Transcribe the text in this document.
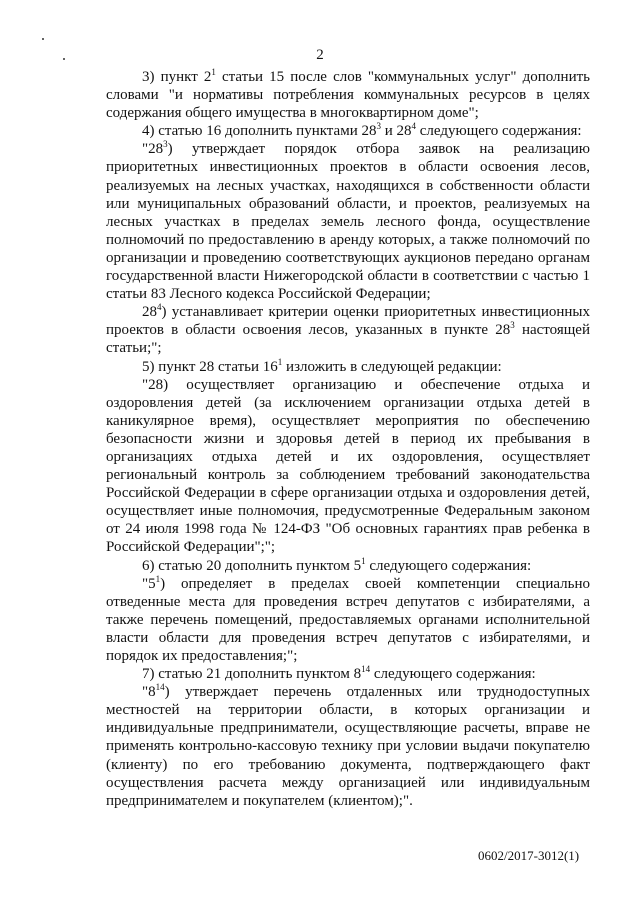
2

3) пункт $2^1$ статьи 15 после слов "коммунальных услуг" дополнить словами "и нормативы потребления коммунальных ресурсов в целях содержания общего имущества в многоквартирном доме";

4) статью 16 дополнить пунктами $28^3$ и $28^4$ следующего содержания:

"$28^3$) утверждает порядок отбора заявок на реализацию приоритетных инвестиционных проектов в области освоения лесов, реализуемых на лесных участках, находящихся в собственности области или муниципальных образований области, и проектов, реализуемых на лесных участках в пределах земель лесного фонда, осуществление полномочий по предоставлению в аренду которых, а также полномочий по организации и проведению соответствующих аукционов передано органам государственной власти Нижегородской области в соответствии с частью 1 статьи 83 Лесного кодекса Российской Федерации;

$28^4$) устанавливает критерии оценки приоритетных инвестиционных проектов в области освоения лесов, указанных в пункте $28^3$ настоящей статьи;";

5) пункт 28 статьи $16^1$ изложить в следующей редакции:

"28) осуществляет организацию и обеспечение отдыха и оздоровления детей (за исключением организации отдыха детей в каникулярное время), осуществляет мероприятия по обеспечению безопасности жизни и здоровья детей в период их пребывания в организациях отдыха детей и их оздоровления, осуществляет региональный контроль за соблюдением требований законодательства Российской Федерации в сфере организации отдыха и оздоровления детей, осуществляет иные полномочия, предусмотренные Федеральным законом от 24 июля 1998 года № 124-ФЗ "Об основных гарантиях прав ребенка в Российской Федерации";";

6) статью 20 дополнить пунктом $5^1$ следующего содержания:

"$5^1$) определяет в пределах своей компетенции специально отведенные места для проведения встреч депутатов с избирателями, а также перечень помещений, предоставляемых органами исполнительной власти области для проведения встреч депутатов с избирателями, и порядок их предоставления;";

7) статью 21 дополнить пунктом $8^{14}$ следующего содержания:

"$8^{14}$) утверждает перечень отдаленных или труднодоступных местностей на территории области, в которых организации и индивидуальные предприниматели, осуществляющие расчеты, вправе не применять контрольно-кассовую технику при условии выдачи покупателю (клиенту) по его требованию документа, подтверждающего факт осуществления расчета между организацией или индивидуальным предпринимателем и покупателем (клиентом);".

0602/2017-3012(1)
